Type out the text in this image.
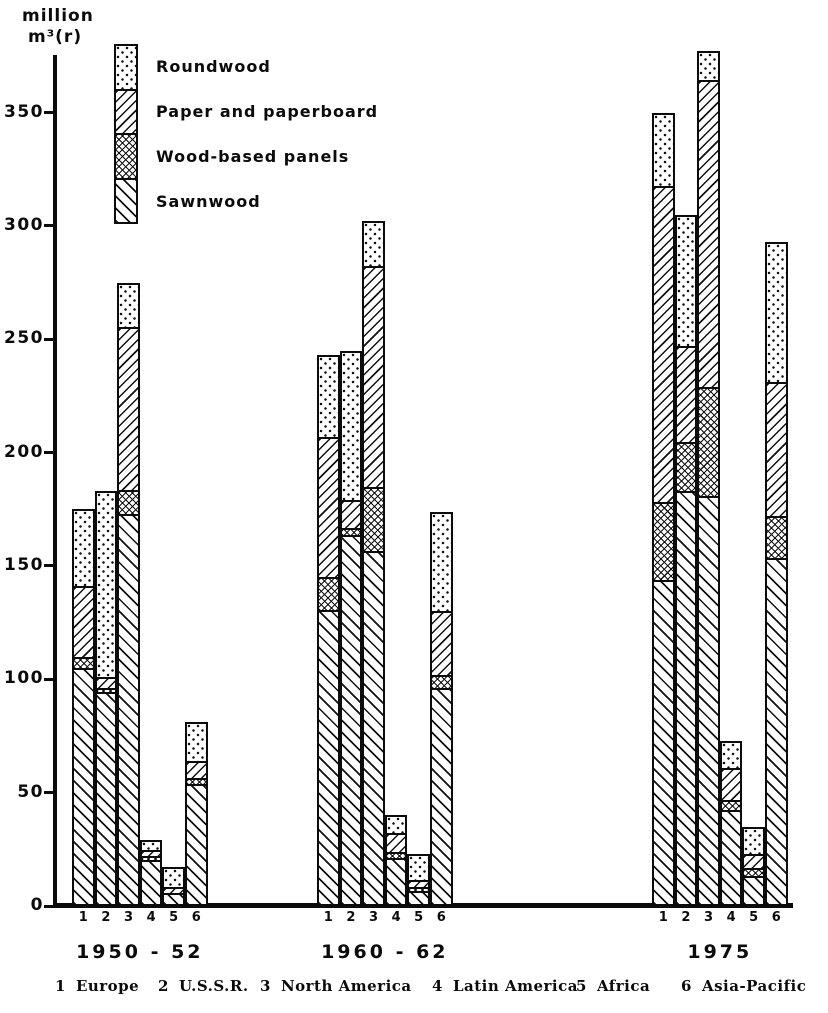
million
m³(r)
350
300
250
200
150
100
50
0
Roundwood
Paper and paperboard
Wood-based panels
Sawnwood
1	2	3	4	5	6	1	2	3	4	5	6	1	2	3	4	5	6
1950 - 52	1960 - 62	1975
1 Europe 2 U.S.S.R. 3 North America 4 Latin America
5 Africa 6 Asia-Pacific
